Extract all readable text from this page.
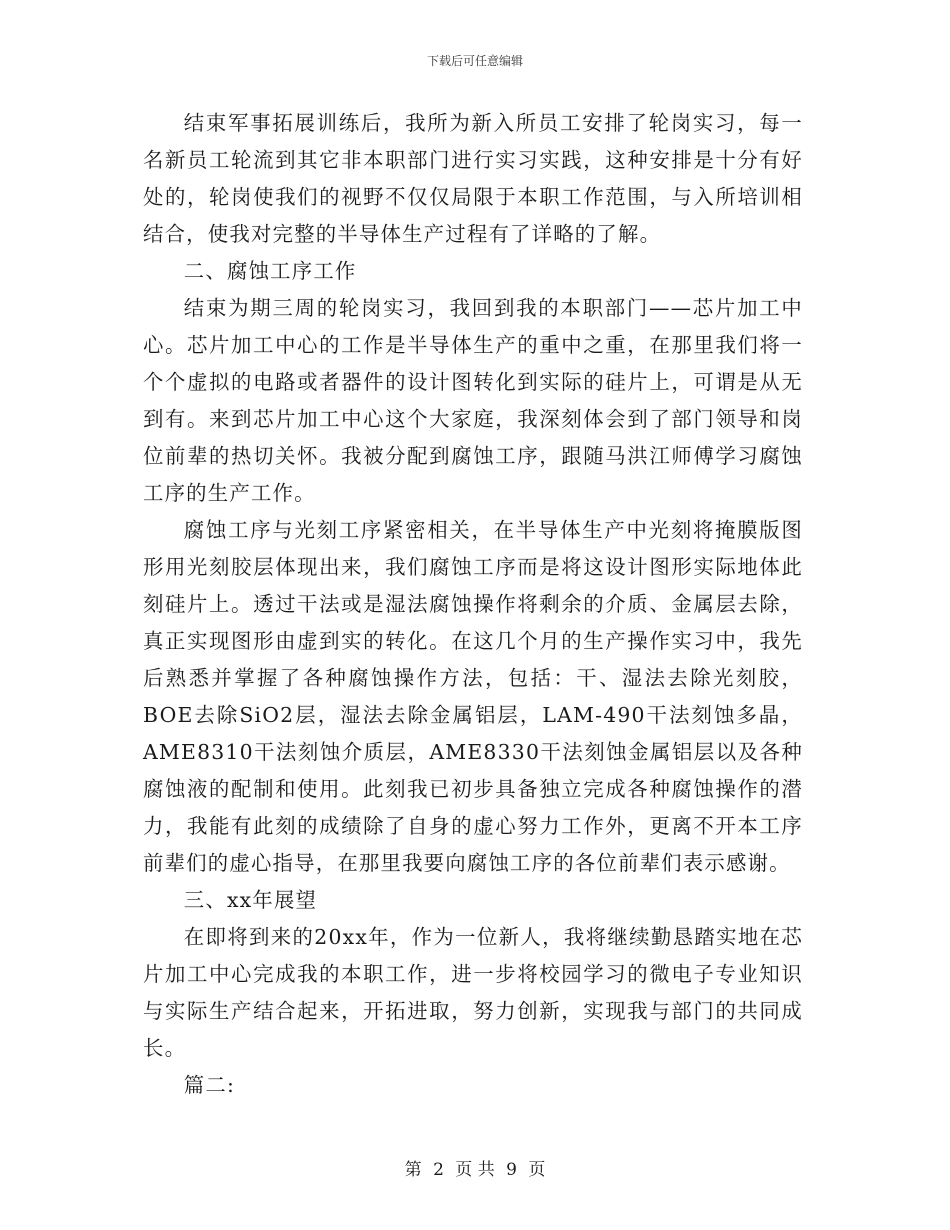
下载后可任意编辑

结束军事拓展训练后，我所为新入所员工安排了轮岗实习，每一名新员工轮流到其它非本职部门进行实习实践，这种安排是十分有好处的，轮岗使我们的视野不仅仅局限于本职工作范围，与入所培训相结合，使我对完整的半导体生产过程有了详略的了解。

二、腐蚀工序工作

结束为期三周的轮岗实习，我回到我的本职部门——芯片加工中心。芯片加工中心的工作是半导体生产的重中之重，在那里我们将一个个虚拟的电路或者器件的设计图转化到实际的硅片上，可谓是从无到有。来到芯片加工中心这个大家庭，我深刻体会到了部门领导和岗位前辈的热切关怀。我被分配到腐蚀工序，跟随马洪江师傅学习腐蚀工序的生产工作。

腐蚀工序与光刻工序紧密相关，在半导体生产中光刻将掩膜版图形用光刻胶层体现出来，我们腐蚀工序而是将这设计图形实际地体此刻硅片上。透过干法或是湿法腐蚀操作将剩余的介质、金属层去除，真正实现图形由虚到实的转化。在这几个月的生产操作实习中，我先后熟悉并掌握了各种腐蚀操作方法，包括：干、湿法去除光刻胶，BOE去除SiO2层，湿法去除金属铝层，LAM-490干法刻蚀多晶，AME8310干法刻蚀介质层，AME8330干法刻蚀金属铝层以及各种腐蚀液的配制和使用。此刻我已初步具备独立完成各种腐蚀操作的潜力，我能有此刻的成绩除了自身的虚心努力工作外，更离不开本工序前辈们的虚心指导，在那里我要向腐蚀工序的各位前辈们表示感谢。

三、xx年展望

在即将到来的20xx年，作为一位新人，我将继续勤恳踏实地在芯片加工中心完成我的本职工作，进一步将校园学习的微电子专业知识与实际生产结合起来，开拓进取，努力创新，实现我与部门的共同成长。

篇二:

第 2 页 共 9 页
